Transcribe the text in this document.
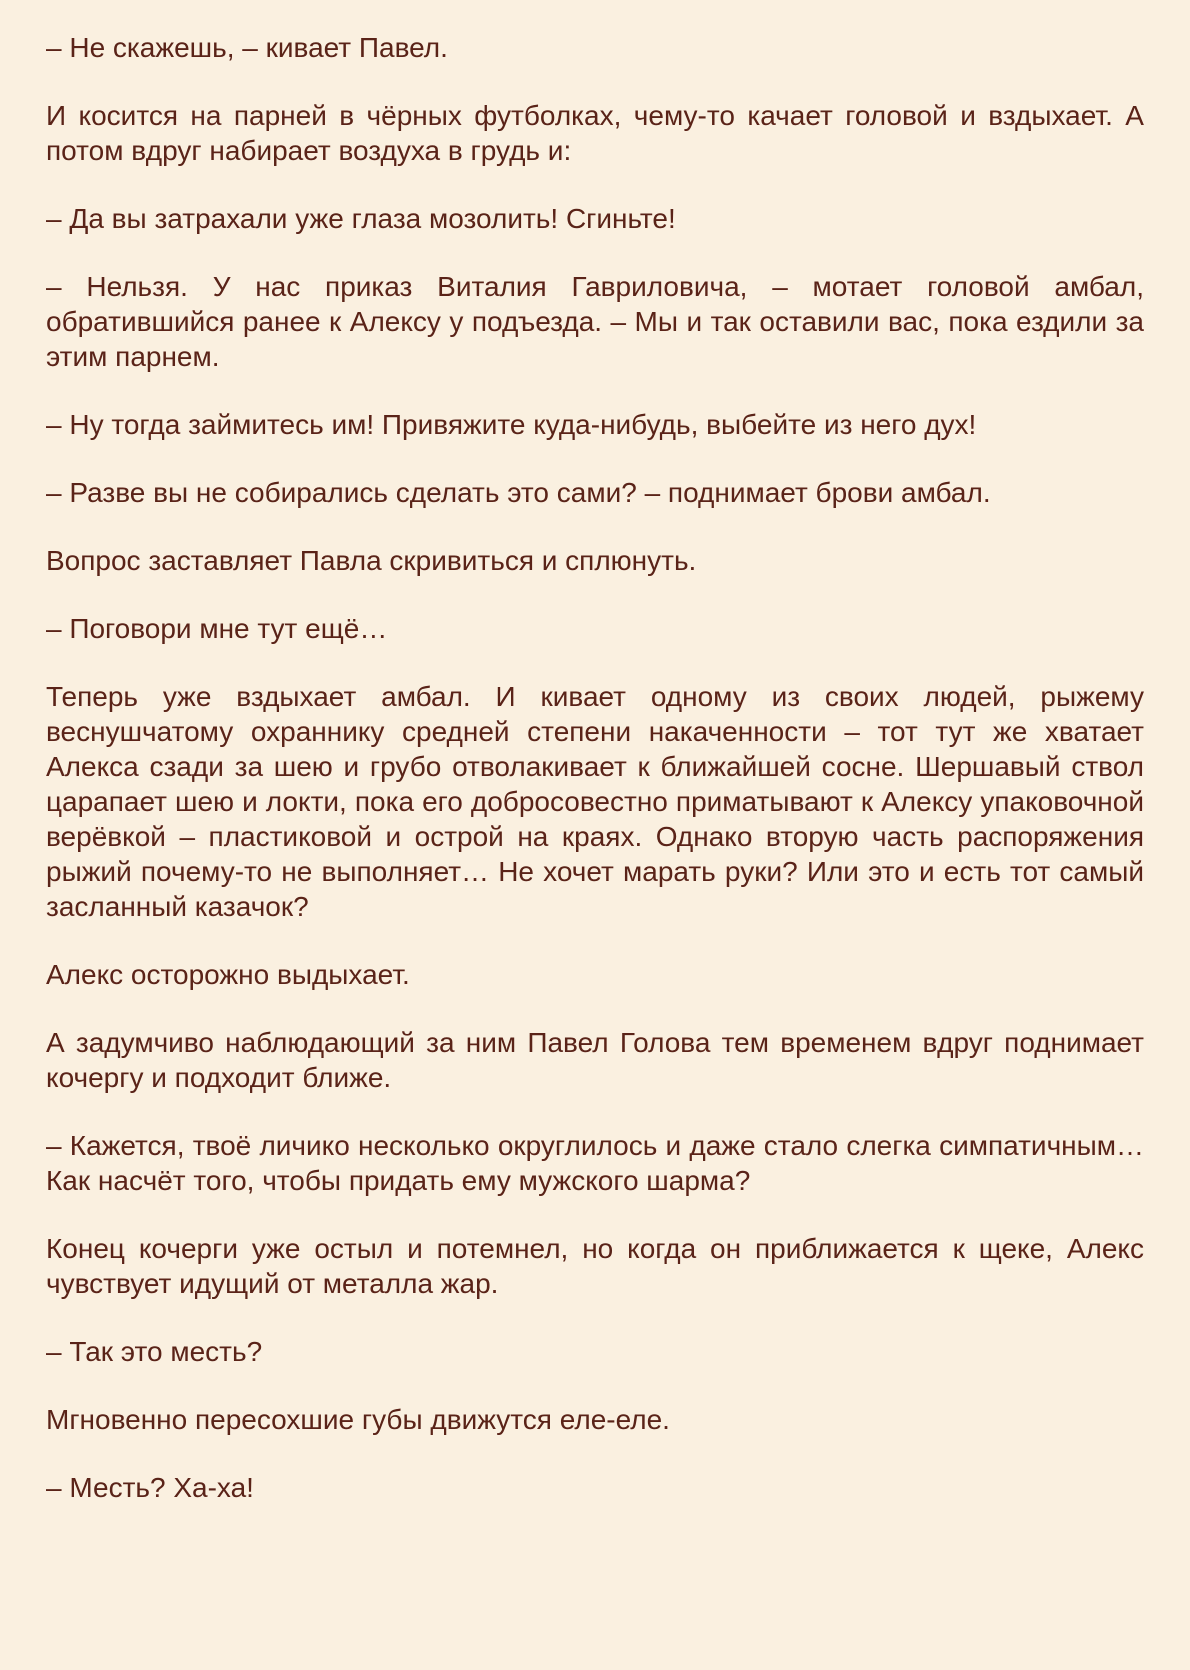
– Не скажешь, – кивает Павел.

И косится на парней в чёрных футболках, чему-то качает головой и вздыхает. А потом вдруг набирает воздуха в грудь и:

– Да вы затрахали уже глаза мозолить! Сгиньте!

– Нельзя. У нас приказ Виталия Гавриловича, – мотает головой амбал, обратившийся ранее к Алексу у подъезда. – Мы и так оставили вас, пока ездили за этим парнем.

– Ну тогда займитесь им! Привяжите куда-нибудь, выбейте из него дух!

– Разве вы не собирались сделать это сами? – поднимает брови амбал.

Вопрос заставляет Павла скривиться и сплюнуть.

– Поговори мне тут ещё…

Теперь уже вздыхает амбал. И кивает одному из своих людей, рыжему веснушчатому охраннику средней степени накаченности – тот тут же хватает Алекса сзади за шею и грубо отволакивает к ближайшей сосне. Шершавый ствол царапает шею и локти, пока его добросовестно приматывают к Алексу упаковочной верёвкой – пластиковой и острой на краях. Однако вторую часть распоряжения рыжий почему-то не выполняет… Не хочет марать руки? Или это и есть тот самый засланный казачок?

Алекс осторожно выдыхает.

А задумчиво наблюдающий за ним Павел Голова тем временем вдруг поднимает кочергу и подходит ближе.

– Кажется, твоё личико несколько округлилось и даже стало слегка симпатичным… Как насчёт того, чтобы придать ему мужского шарма?

Конец кочерги уже остыл и потемнел, но когда он приближается к щеке, Алекс чувствует идущий от металла жар.

– Так это месть?

Мгновенно пересохшие губы движутся еле-еле.

– Месть? Ха-ха!
